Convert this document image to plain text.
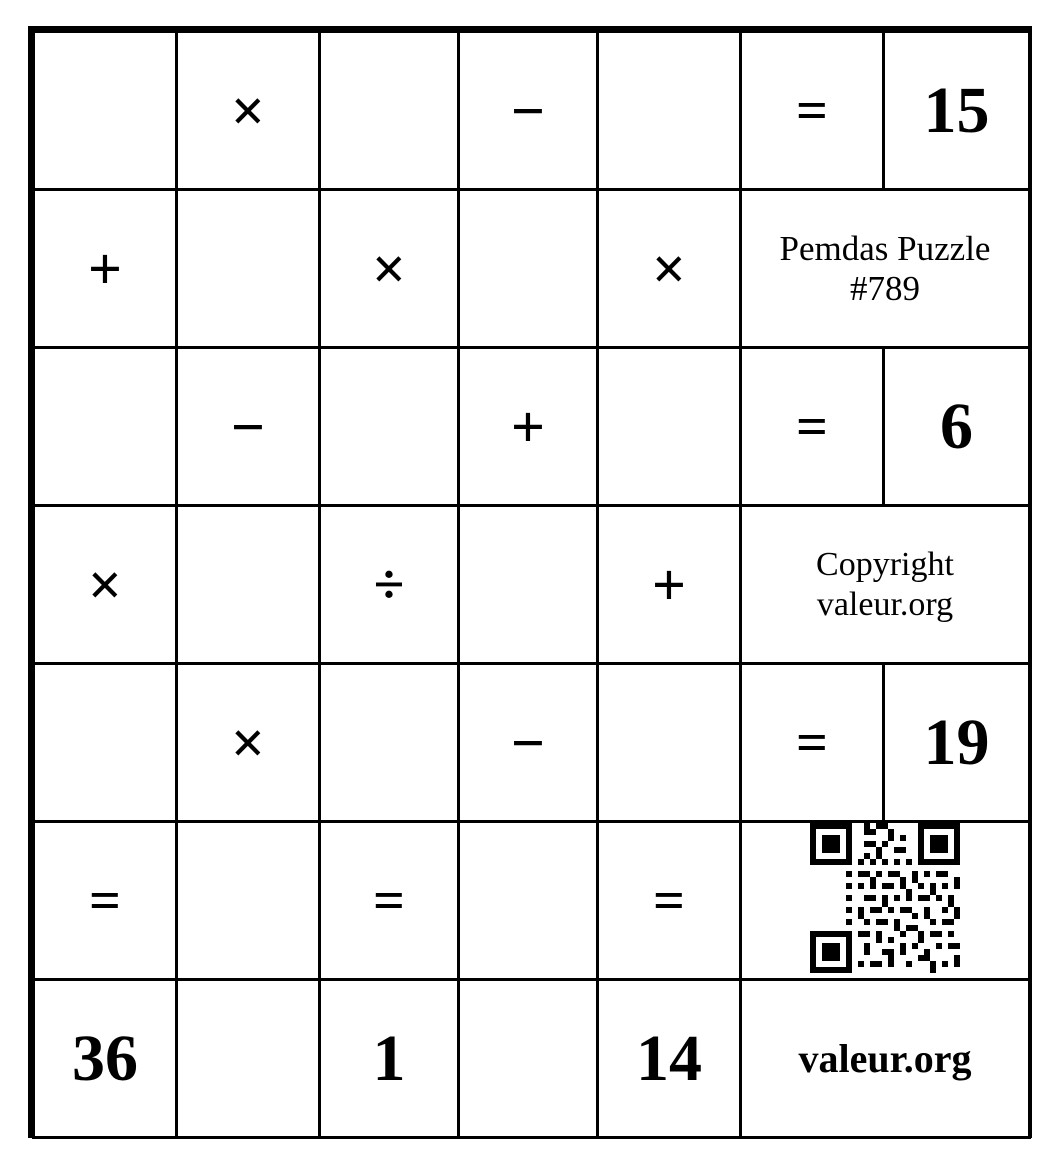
	×		−		=	15
+		×		×	Pemdas Puzzle
#789	

	−		+		=	6
×		÷		+	Copyright
valeur.org	

	×		−		=	19
=		=		=	
36		1		14	valeur.org	
